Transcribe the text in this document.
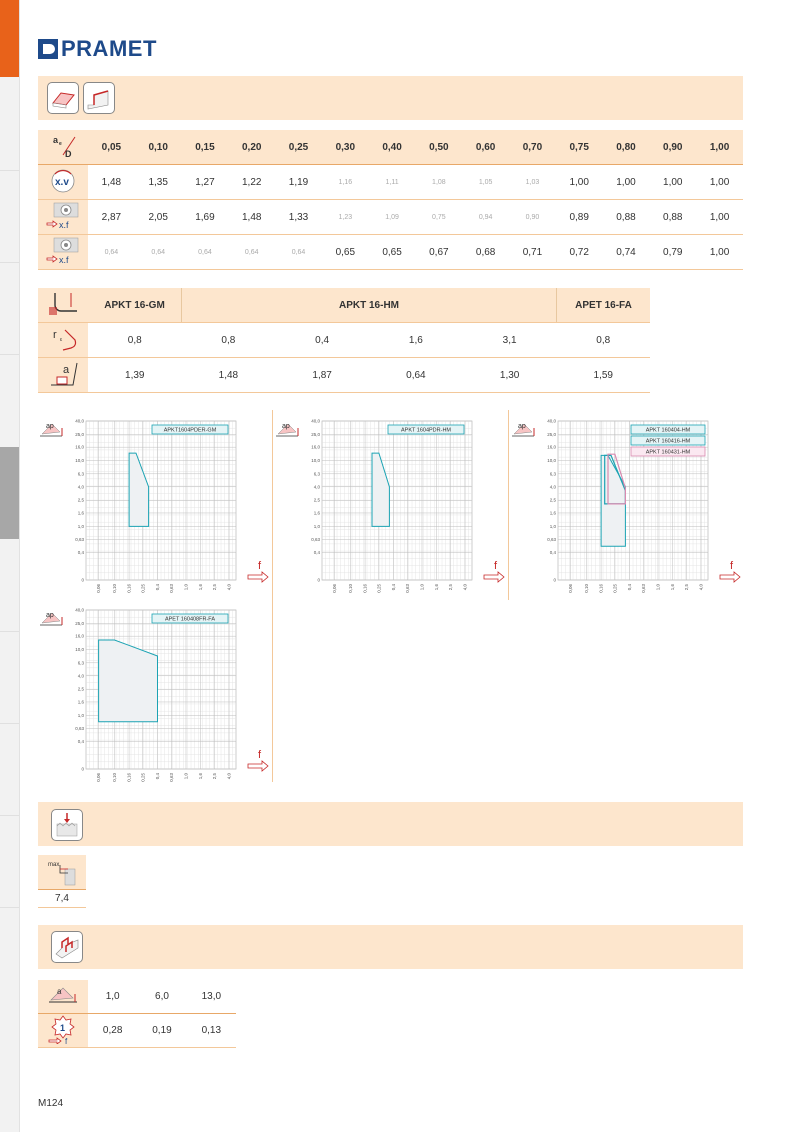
PRAMET
a e
D	0,05	0,10	0,15	0,20	0,25	0,30	0,40	0,50	0,60	0,70	0,75	0,80	0,90	1,00

x.v	1,48	1,35	1,27	1,22	1,19	1,16	1,11	1,08	1,05	1,03	1,00	1,00	1,00	1,00

x.f	2,87	2,05	1,69	1,48	1,33	1,23	1,09	0,75	0,94	0,90	0,89	0,88	0,88	1,00

x.f	0,64	0,64	0,64	0,64	0,64	0,65	0,65	0,67	0,68	0,71	0,72	0,74	0,79	1,00
	APKT 16-GM	APKT 16-HM				APET 16-FA

r ε	0,8	0,8	0,4	1,6	3,1	0,8

a	1,39	1,48	1,87	0,64	1,30	1,59
ap
40,0
25,0
16,0
10,0
6,3
4,0
2,5
1,6
1,0
0,63
0,4
0
0,06 0,10 0,16 0,25 0,4 0,63 1,0 1,6 2,5 4,0
APKT1604PDER-GM
f
ap
40,0
25,0
16,0
10,0
6,3
4,0
2,5
1,6
1,0
0,63
0,4
0
0,06 0,10 0,16 0,25 0,4 0,63 1,0 1,6 2,5 4,0
APKT 1604PDR-HM
f
ap
40,0
25,0
16,0
10,0
6,3
4,0
2,5
1,6
1,0
0,63
0,4
0
0,06 0,10 0,16 0,25 0,4 0,63 1,0 1,6 2,5 4,0
APKT 160404-HM
APKT 160416-HM
APKT 160431-HM
f
ap
40,0
25,0
16,0
10,0
6,3
4,0
2,5
1,6
1,0
0,63
0,4
0
0,06 0,10 0,16 0,25 0,4 0,63 1,0 1,6 2,5 4,0
APET 160408FR-FA
f
max
7,4
a	1,0	6,0	13,0

1
f	0,28	0,19	0,13
M124
